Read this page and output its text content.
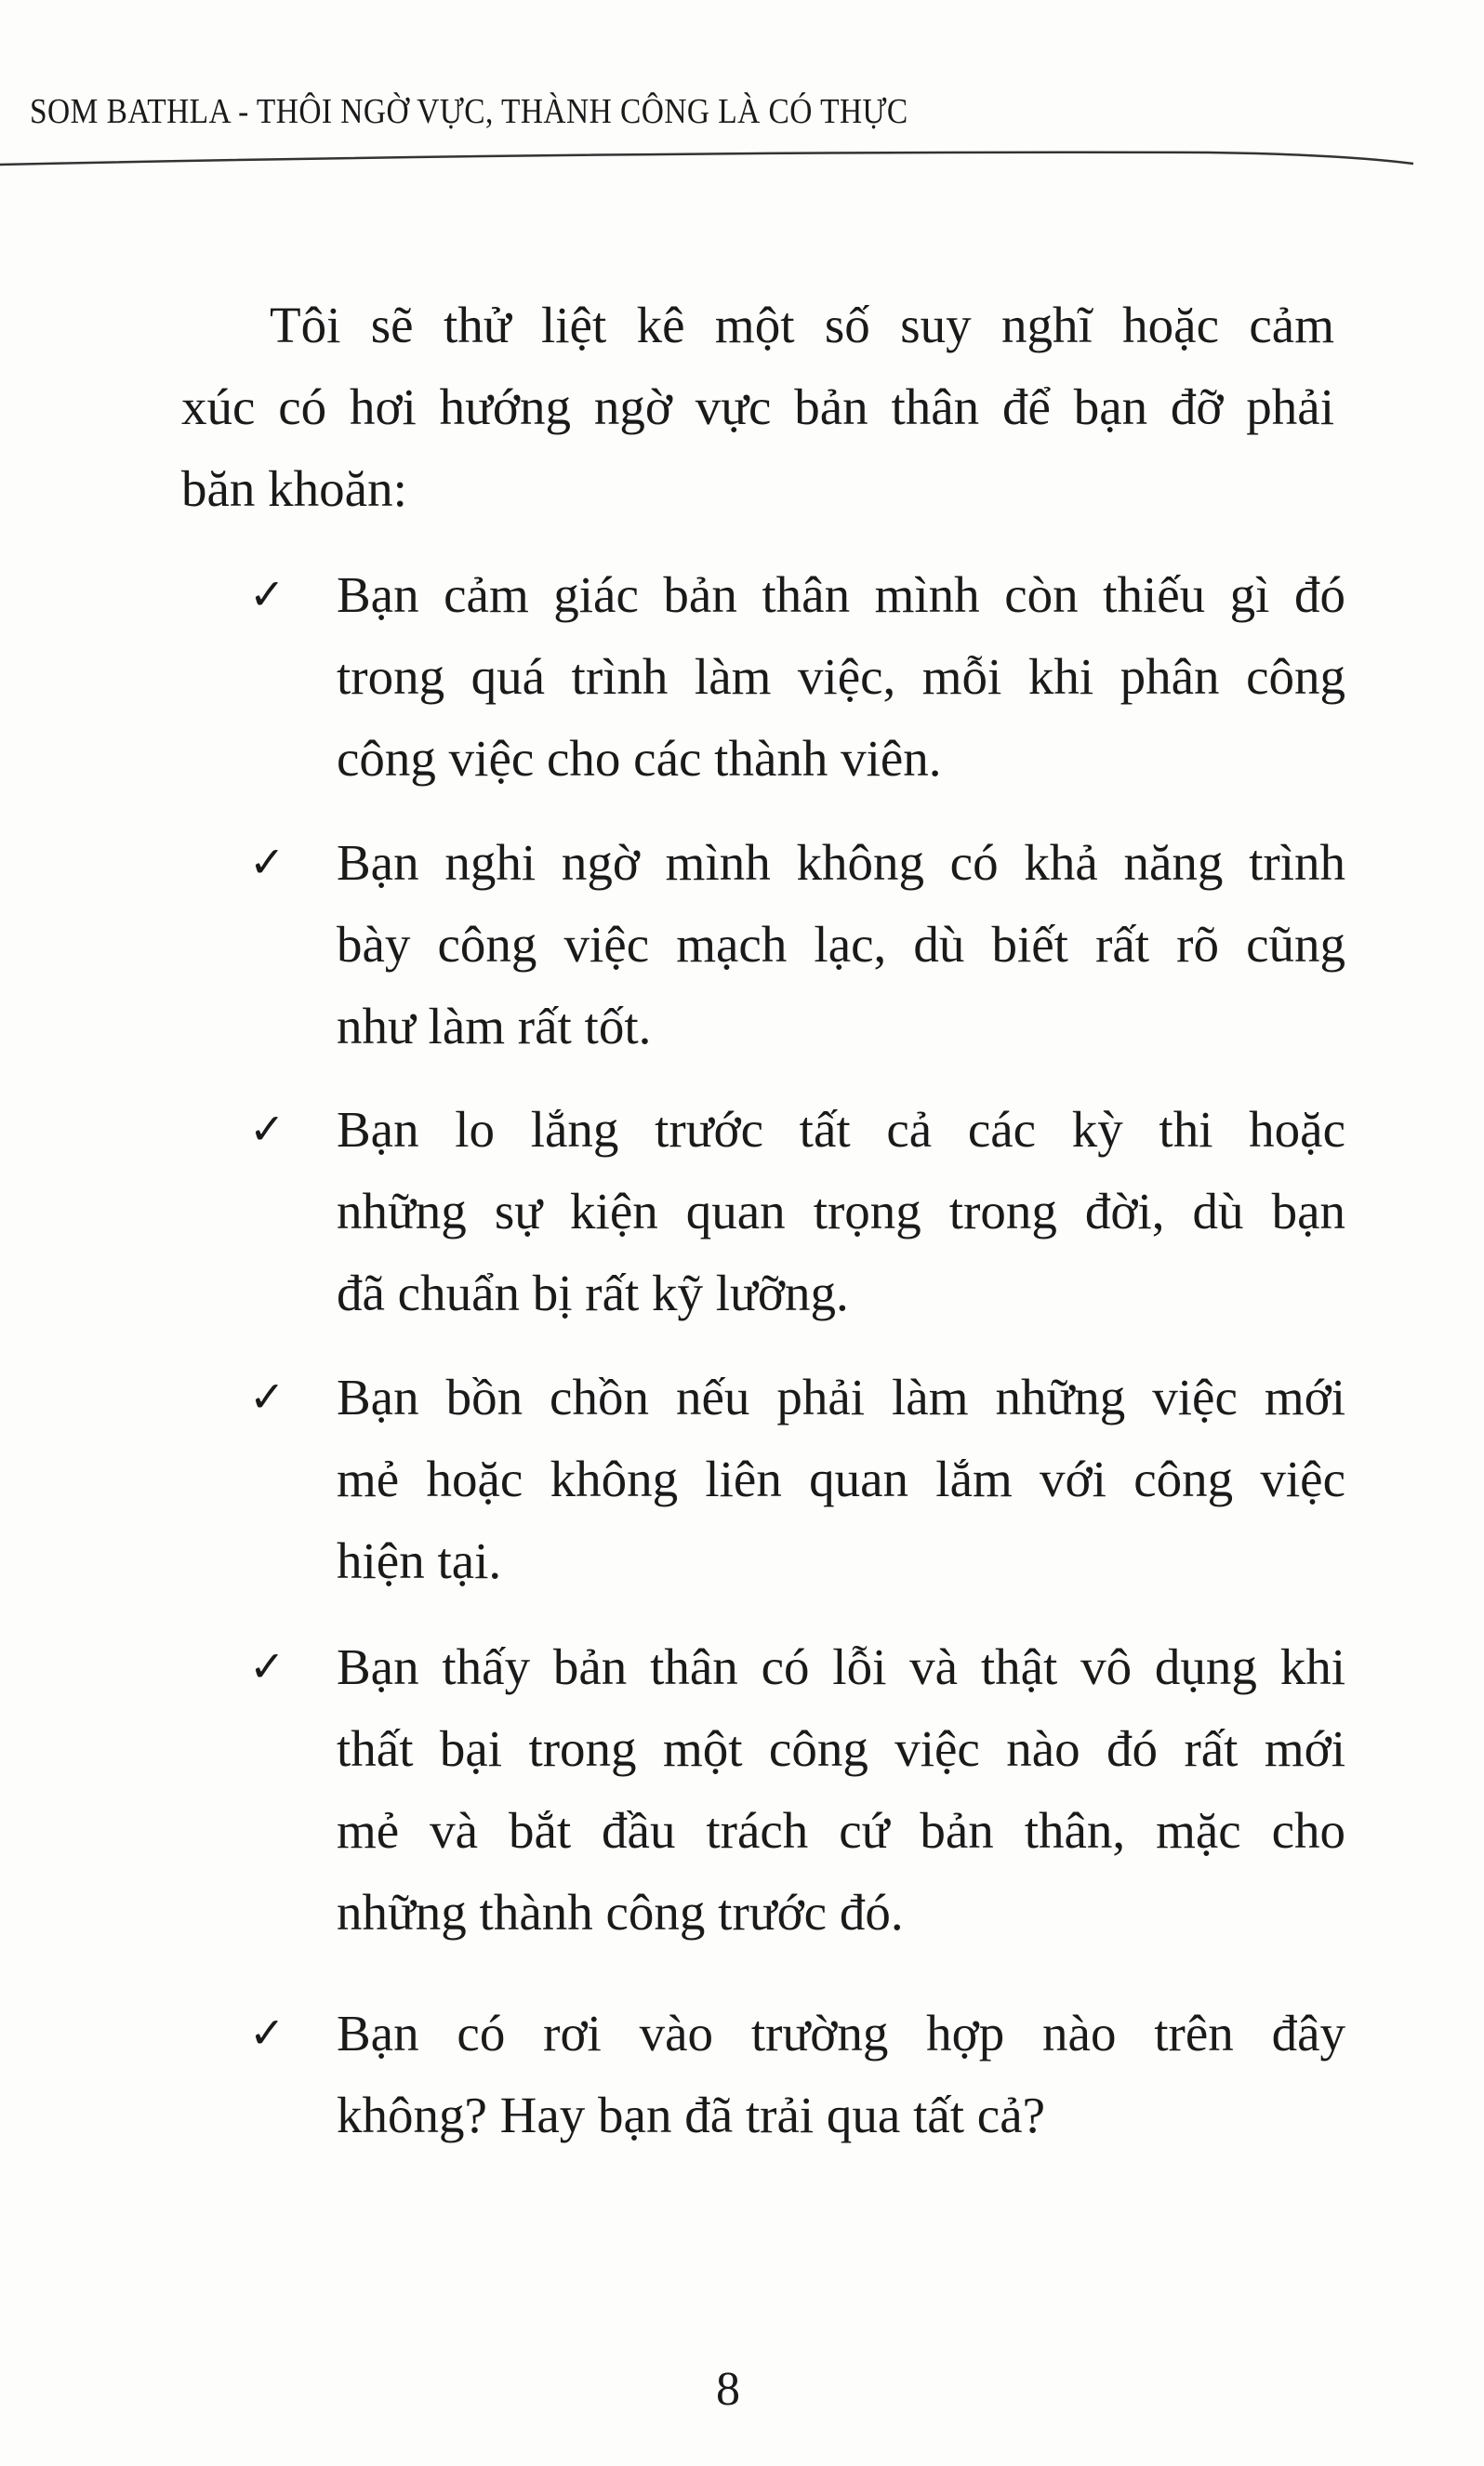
SOM BATHLA - THÔI NGỜ VỰC, THÀNH CÔNG LÀ CÓ THỰC
Tôi sẽ thử liệt kê một số suy nghĩ hoặc cảm
xúc có hơi hướng ngờ vực bản thân để bạn đỡ phải
băn khoăn:
✓ Bạn cảm giác bản thân mình còn thiếu gì đó
trong quá trình làm việc, mỗi khi phân công
công việc cho các thành viên.
✓ Bạn nghi ngờ mình không có khả năng trình
bày công việc mạch lạc, dù biết rất rõ cũng
như làm rất tốt.
✓ Bạn lo lắng trước tất cả các kỳ thi hoặc
những sự kiện quan trọng trong đời, dù bạn
đã chuẩn bị rất kỹ lưỡng.
✓ Bạn bồn chồn nếu phải làm những việc mới
mẻ hoặc không liên quan lắm với công việc
hiện tại.
✓ Bạn thấy bản thân có lỗi và thật vô dụng khi
thất bại trong một công việc nào đó rất mới
mẻ và bắt đầu trách cứ bản thân, mặc cho
những thành công trước đó.
✓ Bạn có rơi vào trường hợp nào trên đây
không? Hay bạn đã trải qua tất cả?
8
